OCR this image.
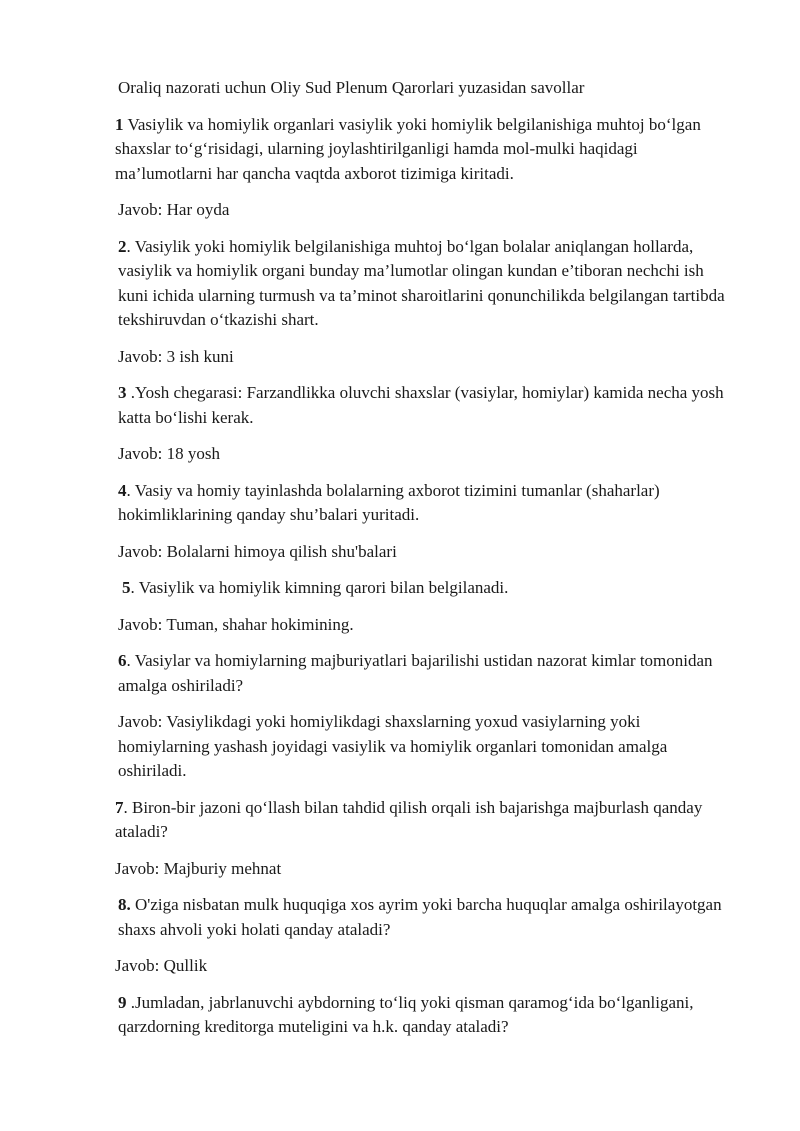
Oraliq nazorati uchun Oliy Sud Plenum Qarorlari yuzasidan savollar

1 Vasiylik va homiylik organlari vasiylik yoki homiylik belgilanishiga muhtoj bo‘lgan shaxslar to‘g‘risidagi, ularning joylashtirilganligi hamda mol-mulki haqidagi ma’lumotlarni har qancha vaqtda axborot tizimiga kiritadi.

Javob: Har oyda

2. Vasiylik yoki homiylik belgilanishiga muhtoj bo‘lgan bolalar aniqlangan hollarda, vasiylik va homiylik organi bunday ma’lumotlar olingan kundan e’tiboran nechchi ish kuni ichida ularning turmush va ta’minot sharoitlarini qonunchilikda belgilangan tartibda tekshiruvdan o‘tkazishi shart.

Javob: 3 ish kuni

3 .Yosh chegarasi: Farzandlikka oluvchi shaxslar (vasiylar, homiylar) kamida necha yosh katta bo‘lishi kerak.

Javob: 18 yosh

4. Vasiy va homiy tayinlashda bolalarning axborot tizimini tumanlar (shaharlar) hokimliklarining qanday shu’balari yuritadi.

Javob: Bolalarni himoya qilish shu'balari

5. Vasiylik va homiylik kimning qarori bilan belgilanadi.

Javob: Tuman, shahar hokimining.

6. Vasiylar va homiylarning majburiyatlari bajarilishi ustidan nazorat kimlar tomonidan amalga oshiriladi?

Javob: Vasiylikdagi yoki homiylikdagi shaxslarning yoxud vasiylarning yoki homiylarning yashash joyidagi vasiylik va homiylik organlari tomonidan amalga oshiriladi.

7. Biron-bir jazoni qo‘llash bilan tahdid qilish orqali ish bajarishga majburlash qanday ataladi?

Javob: Majburiy mehnat

8. O'ziga nisbatan mulk huquqiga xos ayrim yoki barcha huquqlar amalga oshirilayotgan shaxs ahvoli yoki holati qanday ataladi?

Javob: Qullik

9 .Jumladan, jabrlanuvchi aybdorning to‘liq yoki qisman qaramog‘ida bo‘lganligani, qarzdorning kreditorga muteligini va h.k. qanday ataladi?
